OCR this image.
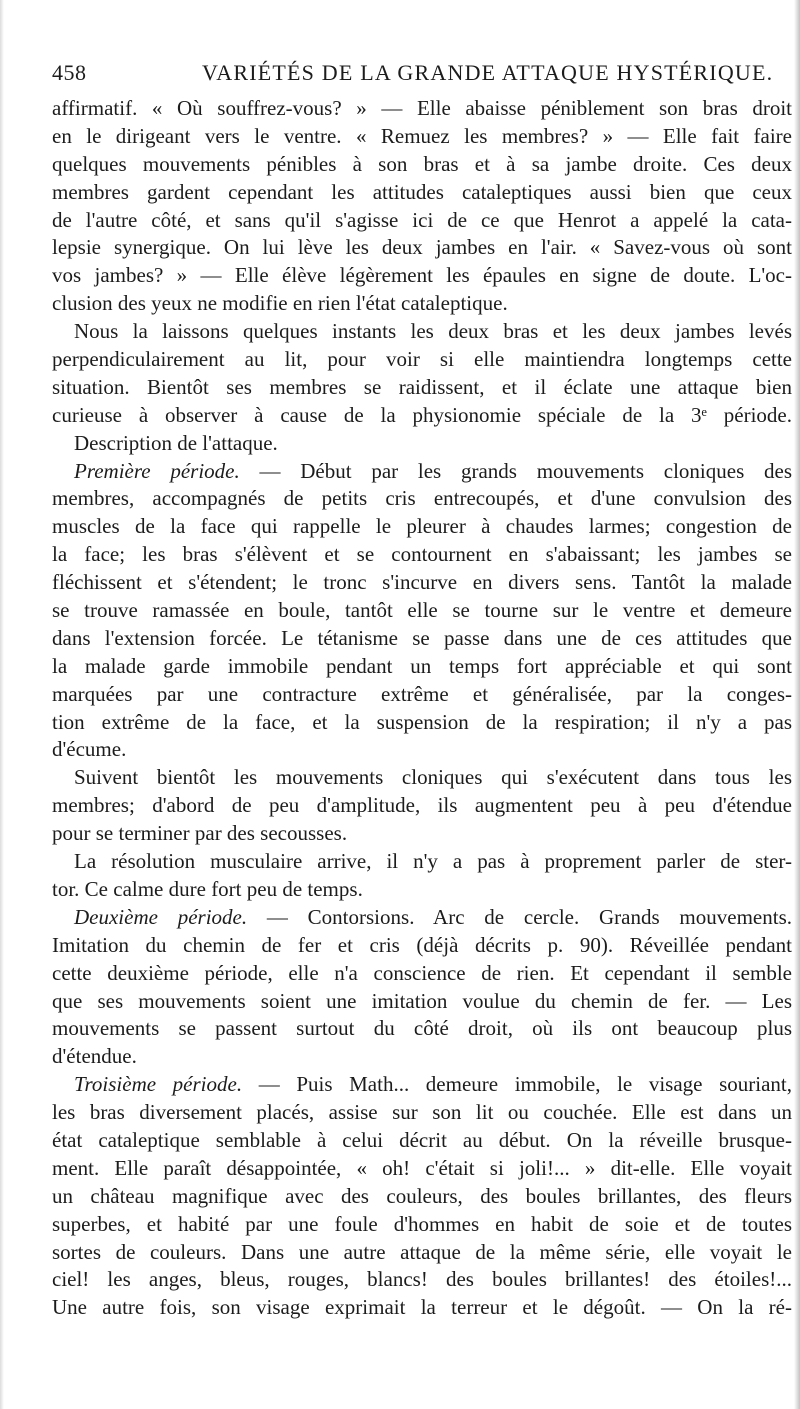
458	VARIÉTÉS DE LA GRANDE ATTAQUE HYSTÉRIQUE.
affirmatif. « Où souffrez-vous? » — Elle abaisse péniblement son bras droit
en le dirigeant vers le ventre. « Remuez les membres? » — Elle fait faire
quelques mouvements pénibles à son bras et à sa jambe droite. Ces deux
membres gardent cependant les attitudes cataleptiques aussi bien que ceux
de l'autre côté, et sans qu'il s'agisse ici de ce que Henrot a appelé la cata-
lepsie synergique. On lui lève les deux jambes en l'air. « Savez-vous où sont
vos jambes? » — Elle élève légèrement les épaules en signe de doute. L'oc-
clusion des yeux ne modifie en rien l'état cataleptique.
Nous la laissons quelques instants les deux bras et les deux jambes levés
perpendiculairement au lit, pour voir si elle maintiendra longtemps cette
situation. Bientôt ses membres se raidissent, et il éclate une attaque bien
curieuse à observer à cause de la physionomie spéciale de la 3ᵉ période.
Description de l'attaque.
Première période. — Début par les grands mouvements cloniques des
membres, accompagnés de petits cris entrecoupés, et d'une convulsion des
muscles de la face qui rappelle le pleurer à chaudes larmes; congestion de
la face; les bras s'élèvent et se contournent en s'abaissant; les jambes se
fléchissent et s'étendent; le tronc s'incurve en divers sens. Tantôt la malade
se trouve ramassée en boule, tantôt elle se tourne sur le ventre et demeure
dans l'extension forcée. Le tétanisme se passe dans une de ces attitudes que
la malade garde immobile pendant un temps fort appréciable et qui sont
marquées par une contracture extrême et généralisée, par la conges-
tion extrême de la face, et la suspension de la respiration; il n'y a pas
d'écume.
Suivent bientôt les mouvements cloniques qui s'exécutent dans tous les
membres; d'abord de peu d'amplitude, ils augmentent peu à peu d'étendue
pour se terminer par des secousses.
La résolution musculaire arrive, il n'y a pas à proprement parler de ster-
tor. Ce calme dure fort peu de temps.
Deuxième période. — Contorsions. Arc de cercle. Grands mouvements.
Imitation du chemin de fer et cris (déjà décrits p. 90). Réveillée pendant
cette deuxième période, elle n'a conscience de rien. Et cependant il semble
que ses mouvements soient une imitation voulue du chemin de fer. — Les
mouvements se passent surtout du côté droit, où ils ont beaucoup plus
d'étendue.
Troisième période. — Puis Math... demeure immobile, le visage souriant,
les bras diversement placés, assise sur son lit ou couchée. Elle est dans un
état cataleptique semblable à celui décrit au début. On la réveille brusque-
ment. Elle paraît désappointée, « oh! c'était si joli!... » dit-elle. Elle voyait
un château magnifique avec des couleurs, des boules brillantes, des fleurs
superbes, et habité par une foule d'hommes en habit de soie et de toutes
sortes de couleurs. Dans une autre attaque de la même série, elle voyait le
ciel! les anges, bleus, rouges, blancs! des boules brillantes! des étoiles!...
Une autre fois, son visage exprimait la terreur et le dégoût. — On la ré-
